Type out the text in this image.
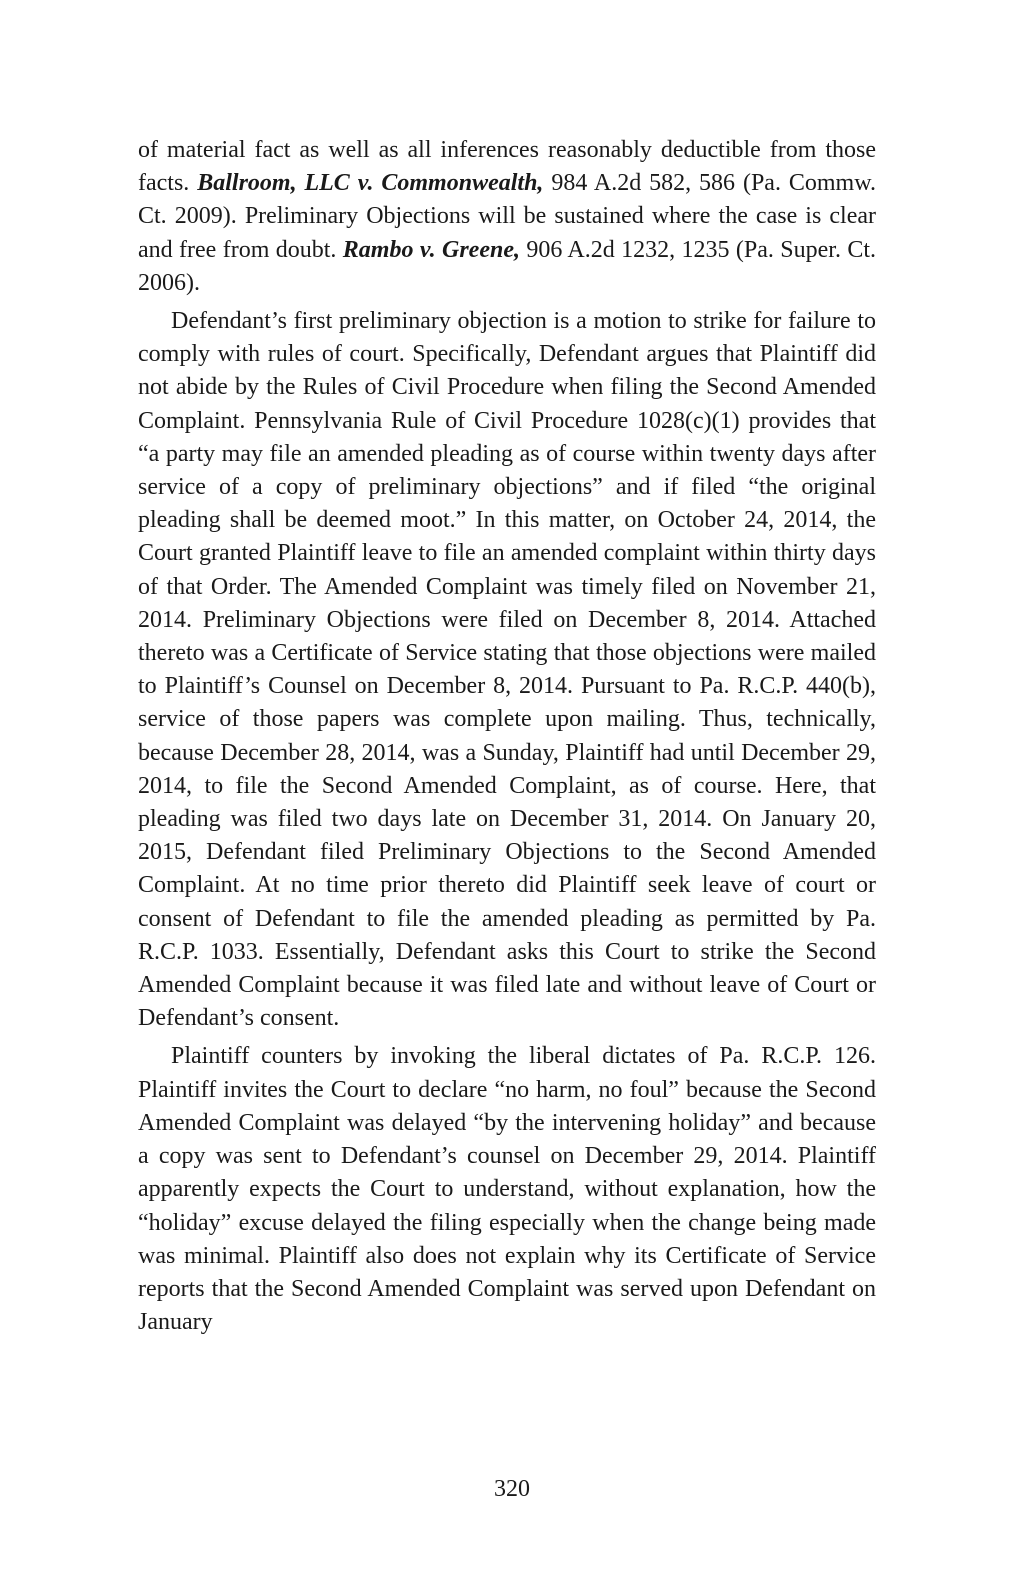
of material fact as well as all inferences reasonably deductible from those facts. Ballroom, LLC v. Commonwealth, 984 A.2d 582, 586 (Pa. Commw. Ct. 2009). Preliminary Objections will be sustained where the case is clear and free from doubt. Rambo v. Greene, 906 A.2d 1232, 1235 (Pa. Super. Ct. 2006).

Defendant’s first preliminary objection is a motion to strike for failure to comply with rules of court. Specifically, Defendant argues that Plaintiff did not abide by the Rules of Civil Procedure when filing the Second Amended Complaint. Pennsylvania Rule of Civil Procedure 1028(c)(1) provides that “a party may file an amended pleading as of course within twenty days after service of a copy of preliminary objections” and if filed “the original pleading shall be deemed moot.” In this matter, on October 24, 2014, the Court granted Plaintiff leave to file an amended complaint within thirty days of that Order. The Amended Complaint was timely filed on November 21, 2014. Preliminary Objections were filed on December 8, 2014. Attached thereto was a Certificate of Service stating that those objections were mailed to Plaintiff’s Counsel on December 8, 2014. Pursuant to Pa. R.C.P. 440(b), service of those papers was complete upon mailing. Thus, technically, because December 28, 2014, was a Sunday, Plaintiff had until December 29, 2014, to file the Second Amended Complaint, as of course. Here, that pleading was filed two days late on December 31, 2014. On January 20, 2015, Defendant filed Preliminary Objections to the Second Amended Complaint. At no time prior thereto did Plaintiff seek leave of court or consent of Defendant to file the amended pleading as permitted by Pa. R.C.P. 1033. Essentially, Defendant asks this Court to strike the Second Amended Complaint because it was filed late and without leave of Court or Defendant’s consent.

Plaintiff counters by invoking the liberal dictates of Pa. R.C.P. 126. Plaintiff invites the Court to declare “no harm, no foul” because the Second Amended Complaint was delayed “by the intervening holiday” and because a copy was sent to Defendant’s counsel on December 29, 2014. Plaintiff apparently expects the Court to understand, without explanation, how the “holiday” excuse delayed the filing especially when the change being made was minimal. Plaintiff also does not explain why its Certificate of Service reports that the Second Amended Complaint was served upon Defendant on January

320
